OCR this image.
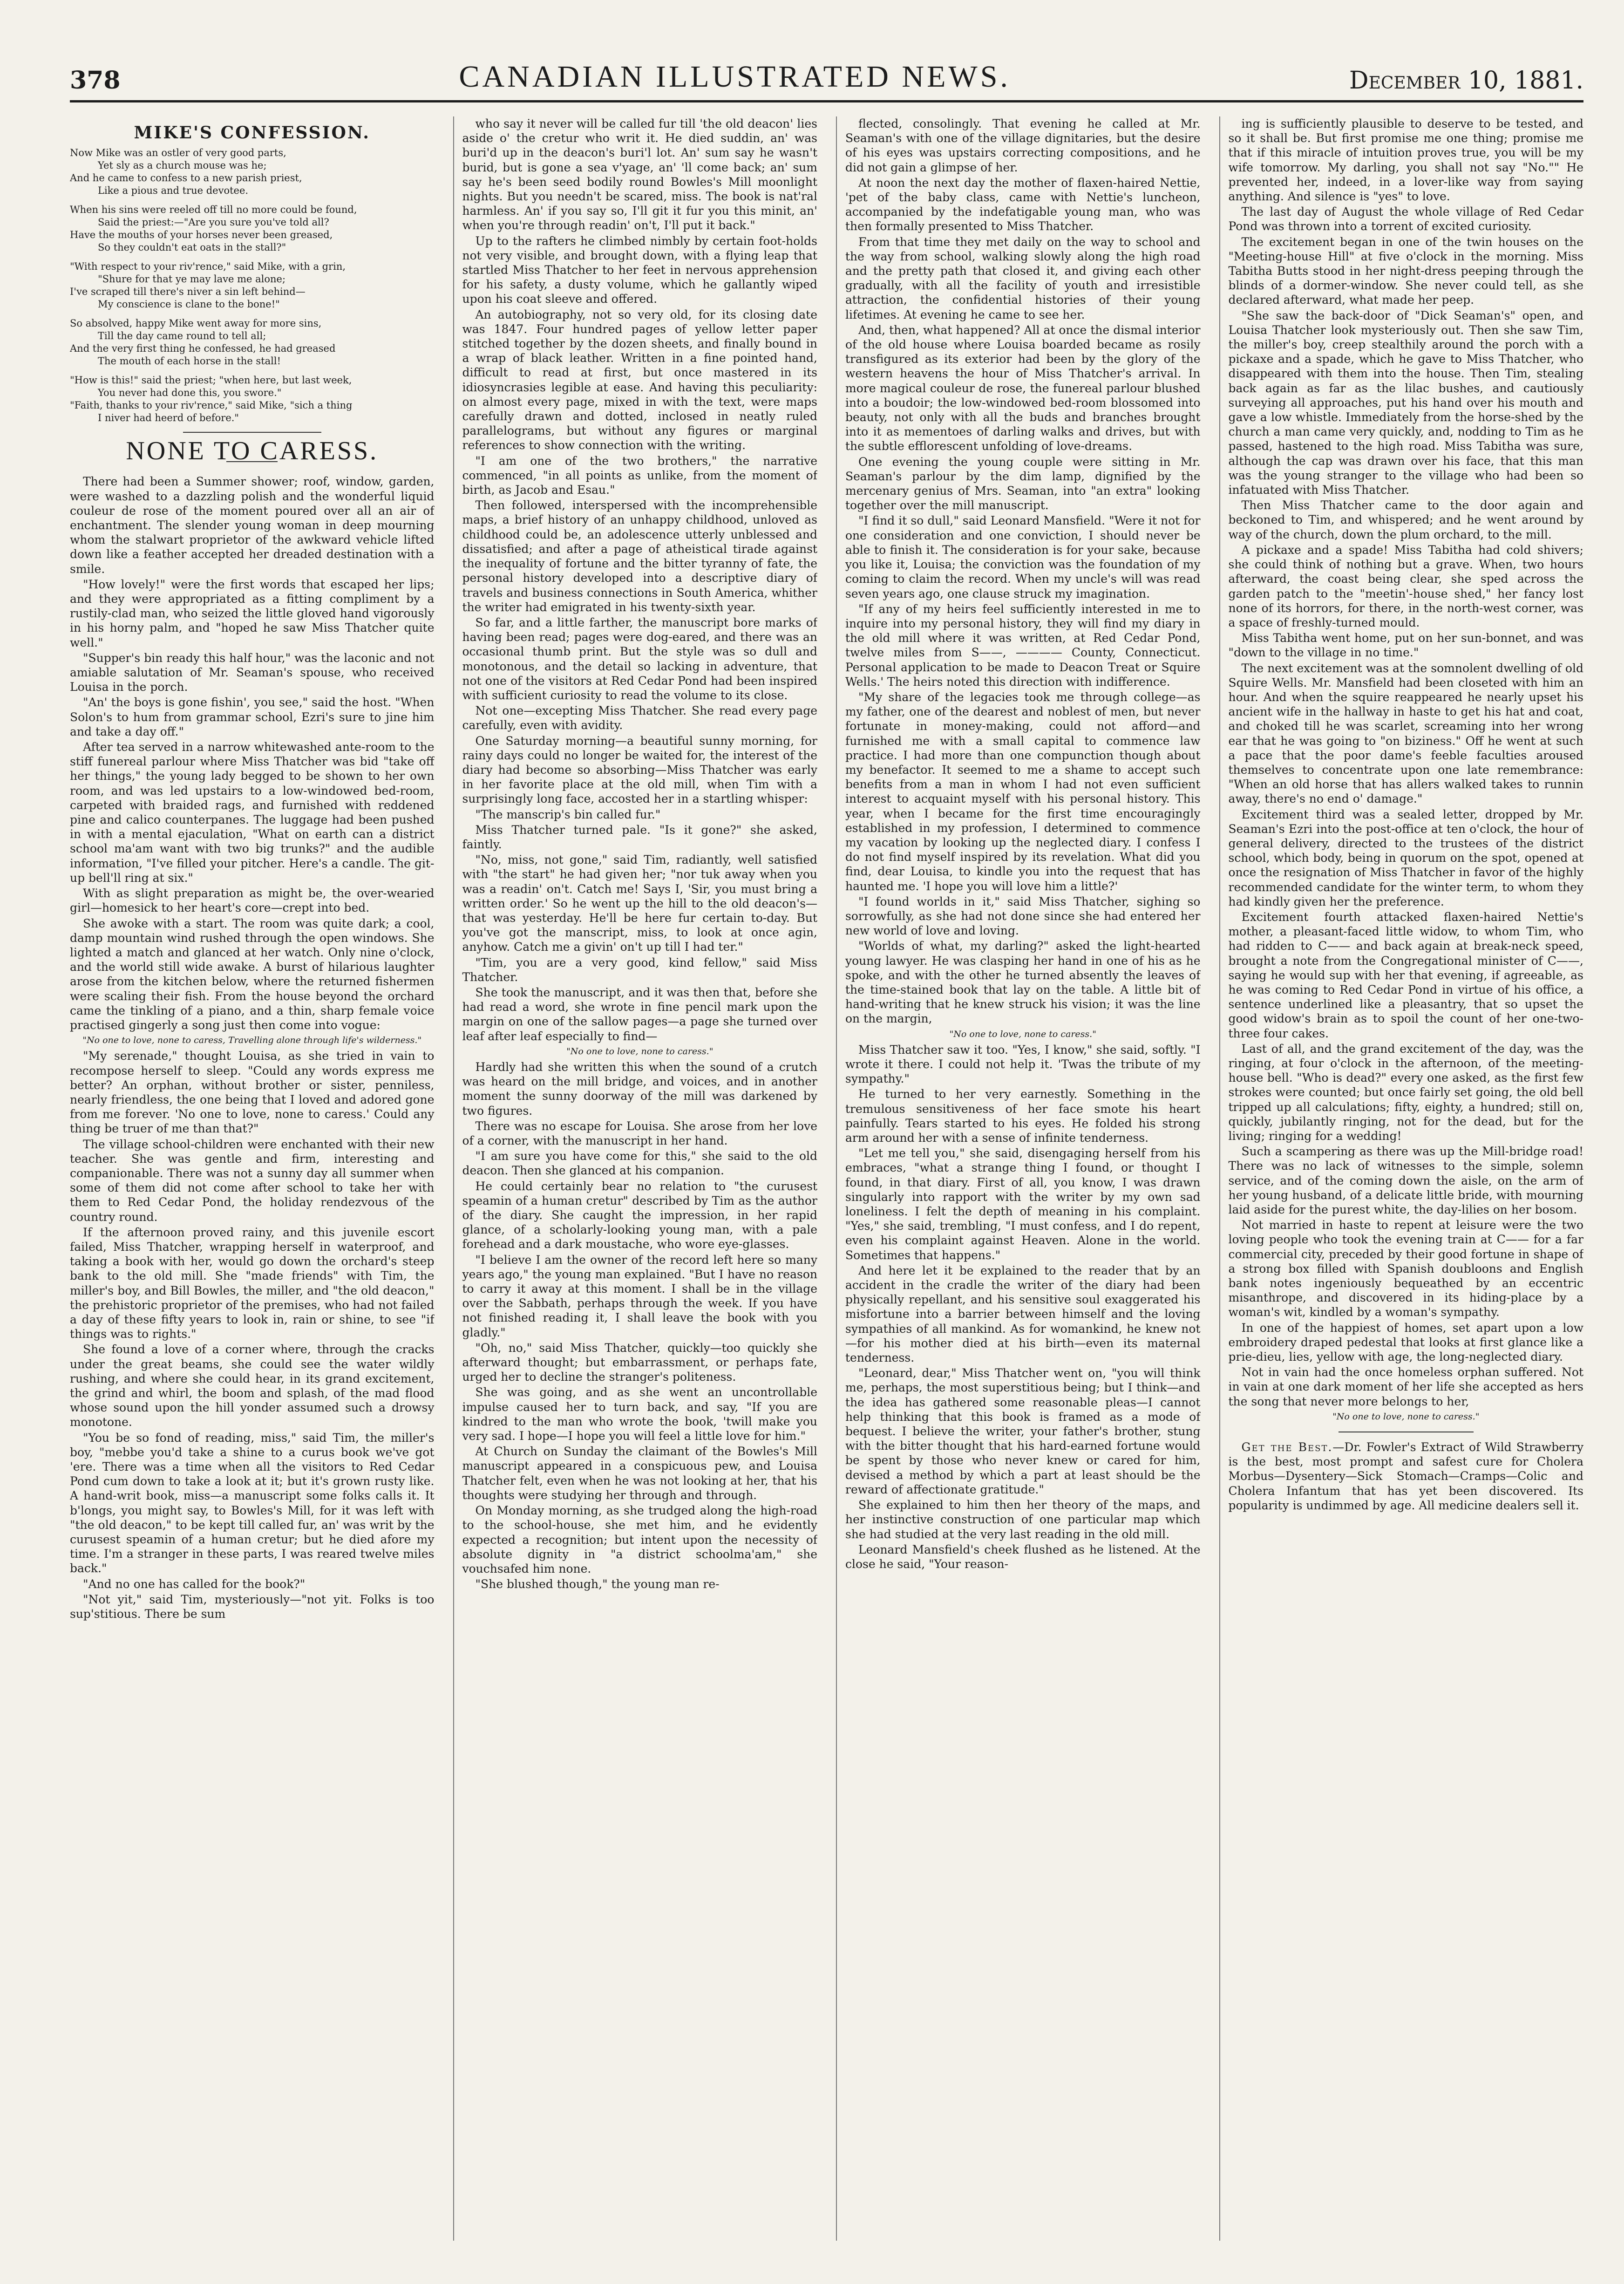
378	CANADIAN ILLUSTRATED NEWS.	December 10, 1881.
MIKE'S CONFESSION.
Now Mike was an ostler of very good parts,
Yet sly as a church mouse was he;
And he came to confess to a new parish priest,
Like a pious and true devotee.
When his sins were reeled off till no more could be found,
Said the priest:—"Are you sure you've told all?
Have the mouths of your horses never been greased,
So they couldn't eat oats in the stall?"
"With respect to your riv'rence," said Mike, with a grin,
"Shure for that ye may lave me alone;
I've scraped till there's niver a sin left behind—
My conscience is clane to the bone!"
So absolved, happy Mike went away for more sins,
Till the day came round to tell all;
And the very first thing he confessed, he had greased
The mouth of each horse in the stall!
"How is this!" said the priest; "when here, but last week,
You never had done this, you swore."
"Faith, thanks to your riv'rence," said Mike, "sich a thing
I niver had heerd of before."
NONE TO CARESS.

There had been a Summer shower; roof, window, garden, were washed to a dazzling polish and the wonderful liquid couleur de rose of the moment poured over all an air of enchantment. The slender young woman in deep mourning whom the stalwart proprietor of the awkward vehicle lifted down like a feather accepted her dreaded destination with a smile.

"How lovely!" were the first words that escaped her lips; and they were appropriated as a fitting compliment by a rustily-clad man, who seized the little gloved hand vigorously in his horny palm, and "hoped he saw Miss Thatcher quite well."

"Supper's bin ready this half hour," was the laconic and not amiable salutation of Mr. Seaman's spouse, who received Louisa in the porch.

"An' the boys is gone fishin', you see," said the host. "When Solon's to hum from grammar school, Ezri's sure to jine him and take a day off."

After tea served in a narrow whitewashed ante-room to the stiff funereal parlour where Miss Thatcher was bid "take off her things," the young lady begged to be shown to her own room, and was led upstairs to a low-windowed bed-room, carpeted with braided rags, and furnished with reddened pine and calico counterpanes. The luggage had been pushed in with a mental ejaculation, "What on earth can a district school ma'am want with two big trunks?" and the audible information, "I've filled your pitcher. Here's a candle. The git-up bell'll ring at six."

With as slight preparation as might be, the over-wearied girl—homesick to her heart's core—crept into bed.

She awoke with a start. The room was quite dark; a cool, damp mountain wind rushed through the open windows. She lighted a match and glanced at her watch. Only nine o'clock, and the world still wide awake. A burst of hilarious laughter arose from the kitchen below, where the returned fishermen were scaling their fish. From the house beyond the orchard came the tinkling of a piano, and a thin, sharp female voice practised gingerly a song just then come into vogue:

"No one to love, none to caress, Travelling alone through life's wilderness."

"My serenade," thought Louisa, as she tried in vain to recompose herself to sleep. "Could any words express me better? An orphan, without brother or sister, penniless, nearly friendless, the one being that I loved and adored gone from me forever. 'No one to love, none to caress.' Could any thing be truer of me than that?"

The village school-children were enchanted with their new teacher. She was gentle and firm, interesting and companionable. There was not a sunny day all summer when some of them did not come after school to take her with them to Red Cedar Pond, the holiday rendezvous of the country round.

If the afternoon proved rainy, and this juvenile escort failed, Miss Thatcher, wrapping herself in waterproof, and taking a book with her, would go down the orchard's steep bank to the old mill. She "made friends" with Tim, the miller's boy, and Bill Bowles, the miller, and "the old deacon," the prehistoric proprietor of the premises, who had not failed a day of these fifty years to look in, rain or shine, to see "if things was to rights."

She found a love of a corner where, through the cracks under the great beams, she could see the water wildly rushing, and where she could hear, in its grand excitement, the grind and whirl, the boom and splash, of the mad flood whose sound upon the hill yonder assumed such a drowsy monotone.

"You be so fond of reading, miss," said Tim, the miller's boy, "mebbe you'd take a shine to a curus book we've got 'ere. There was a time when all the visitors to Red Cedar Pond cum down to take a look at it; but it's grown rusty like. A hand-writ book, miss—a manuscript some folks calls it. It b'longs, you might say, to Bowles's Mill, for it was left with "the old deacon," to be kept till called fur, an' was writ by the curusest speamin of a human cretur; but he died afore my time. I'm a stranger in these parts, I was reared twelve miles back."

"And no one has called for the book?"

"Not yit," said Tim, mysteriously—"not yit. Folks is too sup'stitious. There be sum

who say it never will be called fur till 'the old deacon' lies aside o' the cretur who writ it. He died suddin, an' was buri'd up in the deacon's buri'l lot. An' sum say he wasn't burid, but is gone a sea v'yage, an' 'll come back; an' sum say he's been seed bodily round Bowles's Mill moonlight nights. But you needn't be scared, miss. The book is nat'ral harmless. An' if you say so, I'll git it fur you this minit, an' when you're through readin' on't, I'll put it back."

Up to the rafters he climbed nimbly by certain foot-holds not very visible, and brought down, with a flying leap that startled Miss Thatcher to her feet in nervous apprehension for his safety, a dusty volume, which he gallantly wiped upon his coat sleeve and offered.

An autobiography, not so very old, for its closing date was 1847. Four hundred pages of yellow letter paper stitched together by the dozen sheets, and finally bound in a wrap of black leather. Written in a fine pointed hand, difficult to read at first, but once mastered in its idiosyncrasies legible at ease. And having this peculiarity: on almost every page, mixed in with the text, were maps carefully drawn and dotted, inclosed in neatly ruled parallelograms, but without any figures or marginal references to show connection with the writing.

"I am one of the two brothers," the narrative commenced, "in all points as unlike, from the moment of birth, as Jacob and Esau."

Then followed, interspersed with the incomprehensible maps, a brief history of an unhappy childhood, unloved as childhood could be, an adolescence utterly unblessed and dissatisfied; and after a page of atheistical tirade against the inequality of fortune and the bitter tyranny of fate, the personal history developed into a descriptive diary of travels and business connections in South America, whither the writer had emigrated in his twenty-sixth year.

So far, and a little farther, the manuscript bore marks of having been read; pages were dog-eared, and there was an occasional thumb print. But the style was so dull and monotonous, and the detail so lacking in adventure, that not one of the visitors at Red Cedar Pond had been inspired with sufficient curiosity to read the volume to its close.

Not one—excepting Miss Thatcher. She read every page carefully, even with avidity.

One Saturday morning—a beautiful sunny morning, for rainy days could no longer be waited for, the interest of the diary had become so absorbing—Miss Thatcher was early in her favorite place at the old mill, when Tim with a surprisingly long face, accosted her in a startling whisper:

"The manscrip's bin called fur."

Miss Thatcher turned pale. "Is it gone?" she asked, faintly.

"No, miss, not gone," said Tim, radiantly, well satisfied with "the start" he had given her; "nor tuk away when you was a readin' on't. Catch me! Says I, 'Sir, you must bring a written order.' So he went up the hill to the old deacon's—that was yesterday. He'll be here fur certain to-day. But you've got the manscript, miss, to look at once agin, anyhow. Catch me a givin' on't up till I had ter."

"Tim, you are a very good, kind fellow," said Miss Thatcher.

She took the manuscript, and it was then that, before she had read a word, she wrote in fine pencil mark upon the margin on one of the sallow pages—a page she turned over leaf after leaf especially to find—

"No one to love, none to caress."

Hardly had she written this when the sound of a crutch was heard on the mill bridge, and voices, and in another moment the sunny doorway of the mill was darkened by two figures.

There was no escape for Louisa. She arose from her love of a corner, with the manuscript in her hand.

"I am sure you have come for this," she said to the old deacon. Then she glanced at his companion.

He could certainly bear no relation to "the curusest speamin of a human cretur" described by Tim as the author of the diary. She caught the impression, in her rapid glance, of a scholarly-looking young man, with a pale forehead and a dark moustache, who wore eye-glasses.

"I believe I am the owner of the record left here so many years ago," the young man explained. "But I have no reason to carry it away at this moment. I shall be in the village over the Sabbath, perhaps through the week. If you have not finished reading it, I shall leave the book with you gladly."

"Oh, no," said Miss Thatcher, quickly—too quickly she afterward thought; but embarrassment, or perhaps fate, urged her to decline the stranger's politeness.

She was going, and as she went an uncontrollable impulse caused her to turn back, and say, "If you are kindred to the man who wrote the book, 'twill make you very sad. I hope—I hope you will feel a little love for him."

At Church on Sunday the claimant of the Bowles's Mill manuscript appeared in a conspicuous pew, and Louisa Thatcher felt, even when he was not looking at her, that his thoughts were studying her through and through.

On Monday morning, as she trudged along the high-road to the school-house, she met him, and he evidently expected a recognition; but intent upon the necessity of absolute dignity in "a district schoolma'am," she vouchsafed him none.

"She blushed though," the young man re-

flected, consolingly. That evening he called at Mr. Seaman's with one of the village dignitaries, but the desire of his eyes was upstairs correcting compositions, and he did not gain a glimpse of her.

At noon the next day the mother of flaxen-haired Nettie, 'pet of the baby class, came with Nettie's luncheon, accompanied by the indefatigable young man, who was then formally presented to Miss Thatcher.

From that time they met daily on the way to school and the way from school, walking slowly along the high road and the pretty path that closed it, and giving each other gradually, with all the facility of youth and irresistible attraction, the confidential histories of their young lifetimes. At evening he came to see her.

And, then, what happened? All at once the dismal interior of the old house where Louisa boarded became as rosily transfigured as its exterior had been by the glory of the western heavens the hour of Miss Thatcher's arrival. In more magical couleur de rose, the funereal parlour blushed into a boudoir; the low-windowed bed-room blossomed into beauty, not only with all the buds and branches brought into it as mementoes of darling walks and drives, but with the subtle efflorescent unfolding of love-dreams.

One evening the young couple were sitting in Mr. Seaman's parlour by the dim lamp, dignified by the mercenary genius of Mrs. Seaman, into "an extra" looking together over the mill manuscript.

"I find it so dull," said Leonard Mansfield. "Were it not for one consideration and one conviction, I should never be able to finish it. The consideration is for your sake, because you like it, Louisa; the conviction was the foundation of my coming to claim the record. When my uncle's will was read seven years ago, one clause struck my imagination.

"If any of my heirs feel sufficiently interested in me to inquire into my personal history, they will find my diary in the old mill where it was written, at Red Cedar Pond, twelve miles from S——, ———— County, Connecticut. Personal application to be made to Deacon Treat or Squire Wells.' The heirs noted this direction with indifference.

"My share of the legacies took me through college—as my father, one of the dearest and noblest of men, but never fortunate in money-making, could not afford—and furnished me with a small capital to commence law practice. I had more than one compunction though about my benefactor. It seemed to me a shame to accept such benefits from a man in whom I had not even sufficient interest to acquaint myself with his personal history. This year, when I became for the first time encouragingly established in my profession, I determined to commence my vacation by looking up the neglected diary. I confess I do not find myself inspired by its revelation. What did you find, dear Louisa, to kindle you into the request that has haunted me. 'I hope you will love him a little?'

"I found worlds in it," said Miss Thatcher, sighing so sorrowfully, as she had not done since she had entered her new world of love and loving.

"Worlds of what, my darling?" asked the light-hearted young lawyer. He was clasping her hand in one of his as he spoke, and with the other he turned absently the leaves of the time-stained book that lay on the table. A little bit of hand-writing that he knew struck his vision; it was the line on the margin,

"No one to love, none to caress."

Miss Thatcher saw it too. "Yes, I know," she said, softly. "I wrote it there. I could not help it. 'Twas the tribute of my sympathy."

He turned to her very earnestly. Something in the tremulous sensitiveness of her face smote his heart painfully. Tears started to his eyes. He folded his strong arm around her with a sense of infinite tenderness.

"Let me tell you," she said, disengaging herself from his embraces, "what a strange thing I found, or thought I found, in that diary. First of all, you know, I was drawn singularly into rapport with the writer by my own sad loneliness. I felt the depth of meaning in his complaint. "Yes," she said, trembling, "I must confess, and I do repent, even his complaint against Heaven. Alone in the world. Sometimes that happens."

And here let it be explained to the reader that by an accident in the cradle the writer of the diary had been physically repellant, and his sensitive soul exaggerated his misfortune into a barrier between himself and the loving sympathies of all mankind. As for womankind, he knew not—for his mother died at his birth—even its maternal tenderness.

"Leonard, dear," Miss Thatcher went on, "you will think me, perhaps, the most superstitious being; but I think—and the idea has gathered some reasonable pleas—I cannot help thinking that this book is framed as a mode of bequest. I believe the writer, your father's brother, stung with the bitter thought that his hard-earned fortune would be spent by those who never knew or cared for him, devised a method by which a part at least should be the reward of affectionate gratitude."

She explained to him then her theory of the maps, and her instinctive construction of one particular map which she had studied at the very last reading in the old mill.

Leonard Mansfield's cheek flushed as he listened. At the close he said, "Your reason-

ing is sufficiently plausible to deserve to be tested, and so it shall be. But first promise me one thing; promise me that if this miracle of intuition proves true, you will be my wife tomorrow. My darling, you shall not say "No."" He prevented her, indeed, in a lover-like way from saying anything. And silence is "yes" to love.

The last day of August the whole village of Red Cedar Pond was thrown into a torrent of excited curiosity.

The excitement began in one of the twin houses on the "Meeting-house Hill" at five o'clock in the morning. Miss Tabitha Butts stood in her night-dress peeping through the blinds of a dormer-window. She never could tell, as she declared afterward, what made her peep.

"She saw the back-door of "Dick Seaman's" open, and Louisa Thatcher look mysteriously out. Then she saw Tim, the miller's boy, creep stealthily around the porch with a pickaxe and a spade, which he gave to Miss Thatcher, who disappeared with them into the house. Then Tim, stealing back again as far as the lilac bushes, and cautiously surveying all approaches, put his hand over his mouth and gave a low whistle. Immediately from the horse-shed by the church a man came very quickly, and, nodding to Tim as he passed, hastened to the high road. Miss Tabitha was sure, although the cap was drawn over his face, that this man was the young stranger to the village who had been so infatuated with Miss Thatcher.

Then Miss Thatcher came to the door again and beckoned to Tim, and whispered; and he went around by way of the church, down the plum orchard, to the mill.

A pickaxe and a spade! Miss Tabitha had cold shivers; she could think of nothing but a grave. When, two hours afterward, the coast being clear, she sped across the garden patch to the "meetin'-house shed," her fancy lost none of its horrors, for there, in the north-west corner, was a space of freshly-turned mould.

Miss Tabitha went home, put on her sun-bonnet, and was "down to the village in no time."

The next excitement was at the somnolent dwelling of old Squire Wells. Mr. Mansfield had been closeted with him an hour. And when the squire reappeared he nearly upset his ancient wife in the hallway in haste to get his hat and coat, and choked till he was scarlet, screaming into her wrong ear that he was going to "on biziness." Off he went at such a pace that the poor dame's feeble faculties aroused themselves to concentrate upon one late remembrance: "When an old horse that has allers walked takes to runnin away, there's no end o' damage."

Excitement third was a sealed letter, dropped by Mr. Seaman's Ezri into the post-office at ten o'clock, the hour of general delivery, directed to the trustees of the district school, which body, being in quorum on the spot, opened at once the resignation of Miss Thatcher in favor of the highly recommended candidate for the winter term, to whom they had kindly given her the preference.

Excitement fourth attacked flaxen-haired Nettie's mother, a pleasant-faced little widow, to whom Tim, who had ridden to C—— and back again at break-neck speed, brought a note from the Congregational minister of C——, saying he would sup with her that evening, if agreeable, as he was coming to Red Cedar Pond in virtue of his office, a sentence underlined like a pleasantry, that so upset the good widow's brain as to spoil the count of her one-two-three four cakes.

Last of all, and the grand excitement of the day, was the ringing, at four o'clock in the afternoon, of the meeting-house bell. "Who is dead?" every one asked, as the first few strokes were counted; but once fairly set going, the old bell tripped up all calculations; fifty, eighty, a hundred; still on, quickly, jubilantly ringing, not for the dead, but for the living; ringing for a wedding!

Such a scampering as there was up the Mill-bridge road! There was no lack of witnesses to the simple, solemn service, and of the coming down the aisle, on the arm of her young husband, of a delicate little bride, with mourning laid aside for the purest white, the day-lilies on her bosom.

Not married in haste to repent at leisure were the two loving people who took the evening train at C—— for a far commercial city, preceded by their good fortune in shape of a strong box filled with Spanish doubloons and English bank notes ingeniously bequeathed by an eccentric misanthrope, and discovered in its hiding-place by a woman's wit, kindled by a woman's sympathy.

In one of the happiest of homes, set apart upon a low embroidery draped pedestal that looks at first glance like a prie-dieu, lies, yellow with age, the long-neglected diary.

Not in vain had the once homeless orphan suffered. Not in vain at one dark moment of her life she accepted as hers the song that never more belongs to her,

"No one to love, none to caress."

Get the Best.—Dr. Fowler's Extract of Wild Strawberry is the best, most prompt and safest cure for Cholera Morbus—Dysentery—Sick Stomach—Cramps—Colic and Cholera Infantum that has yet been discovered. Its popularity is undimmed by age. All medicine dealers sell it.
